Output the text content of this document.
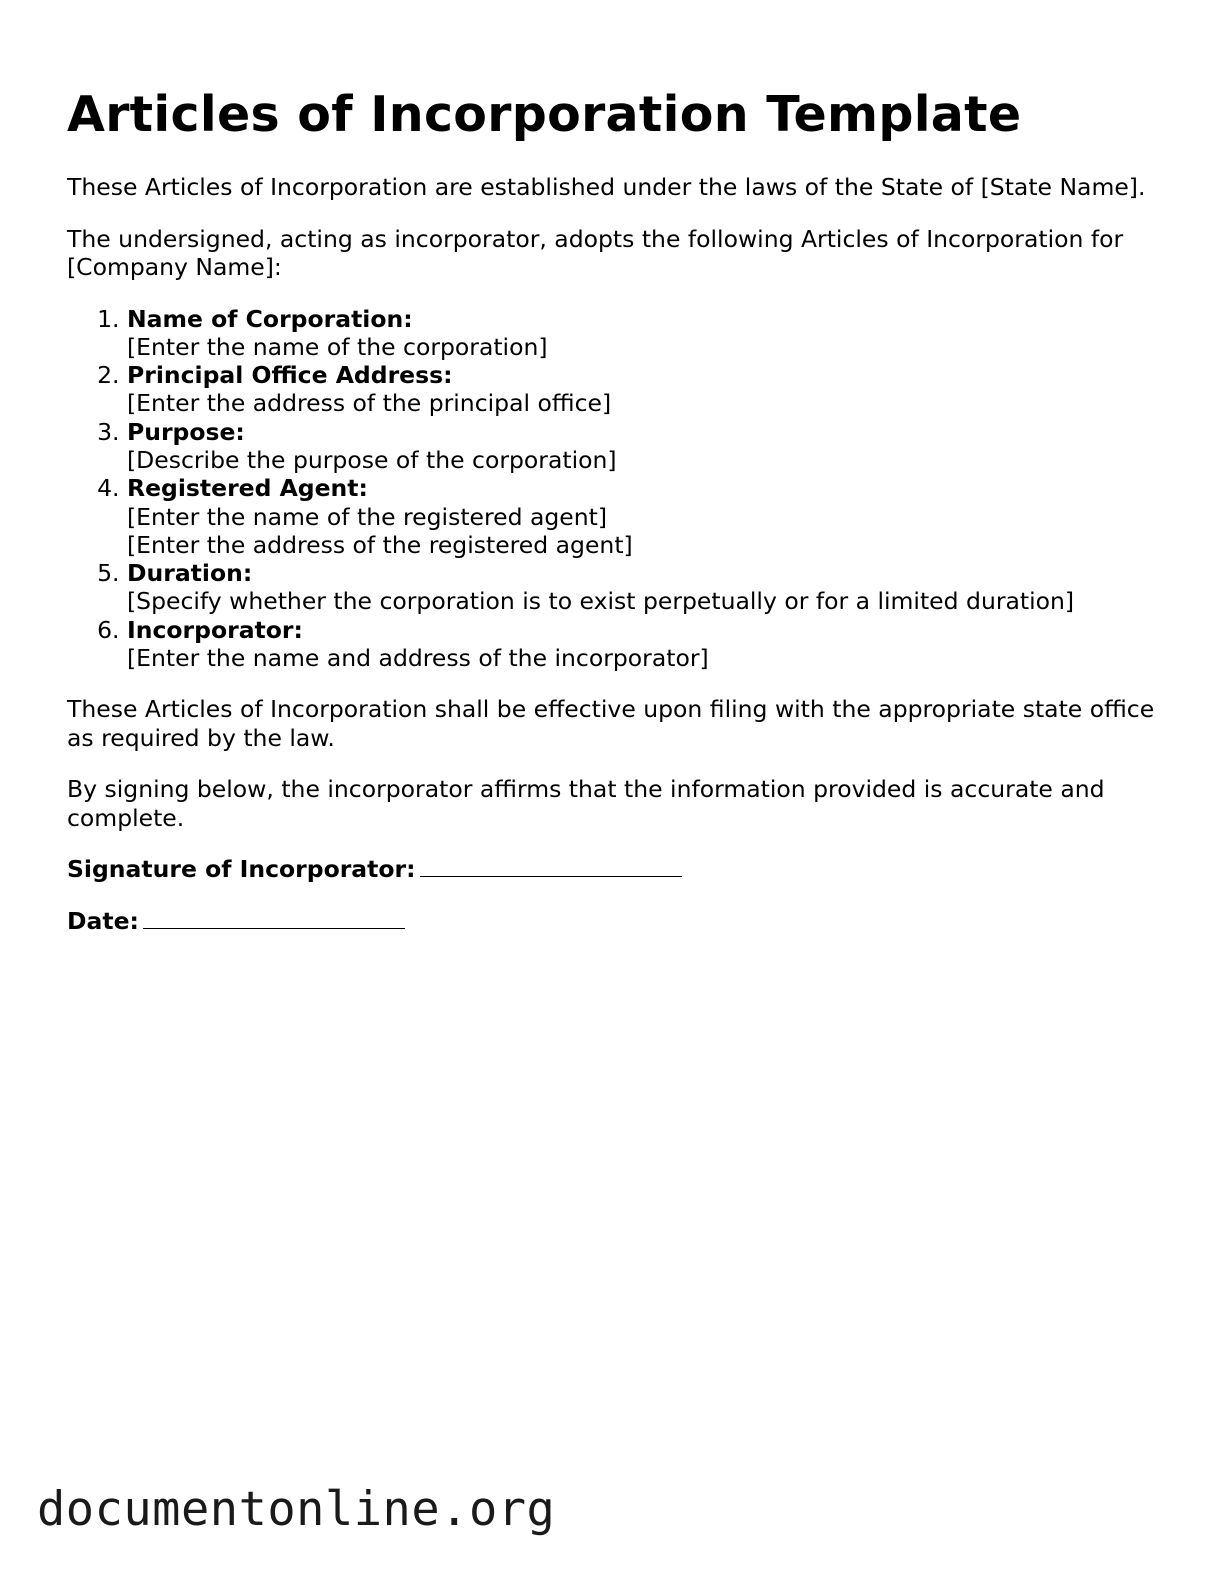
Articles of Incorporation Template

These Articles of Incorporation are established under the laws of the State of [State Name].

The undersigned, acting as incorporator, adopts the following Articles of Incorporation for [Company Name]:

1. Name of Corporation:
[Enter the name of the corporation]
2. Principal Office Address:
[Enter the address of the principal office]
3. Purpose:
[Describe the purpose of the corporation]
4. Registered Agent:
[Enter the name of the registered agent]
[Enter the address of the registered agent]
5. Duration:
[Specify whether the corporation is to exist perpetually or for a limited duration]
6. Incorporator:
[Enter the name and address of the incorporator]

These Articles of Incorporation shall be effective upon filing with the appropriate state office as required by the law.

By signing below, the incorporator affirms that the information provided is accurate and complete.

Signature of Incorporator:
Date:
documentonline.org
